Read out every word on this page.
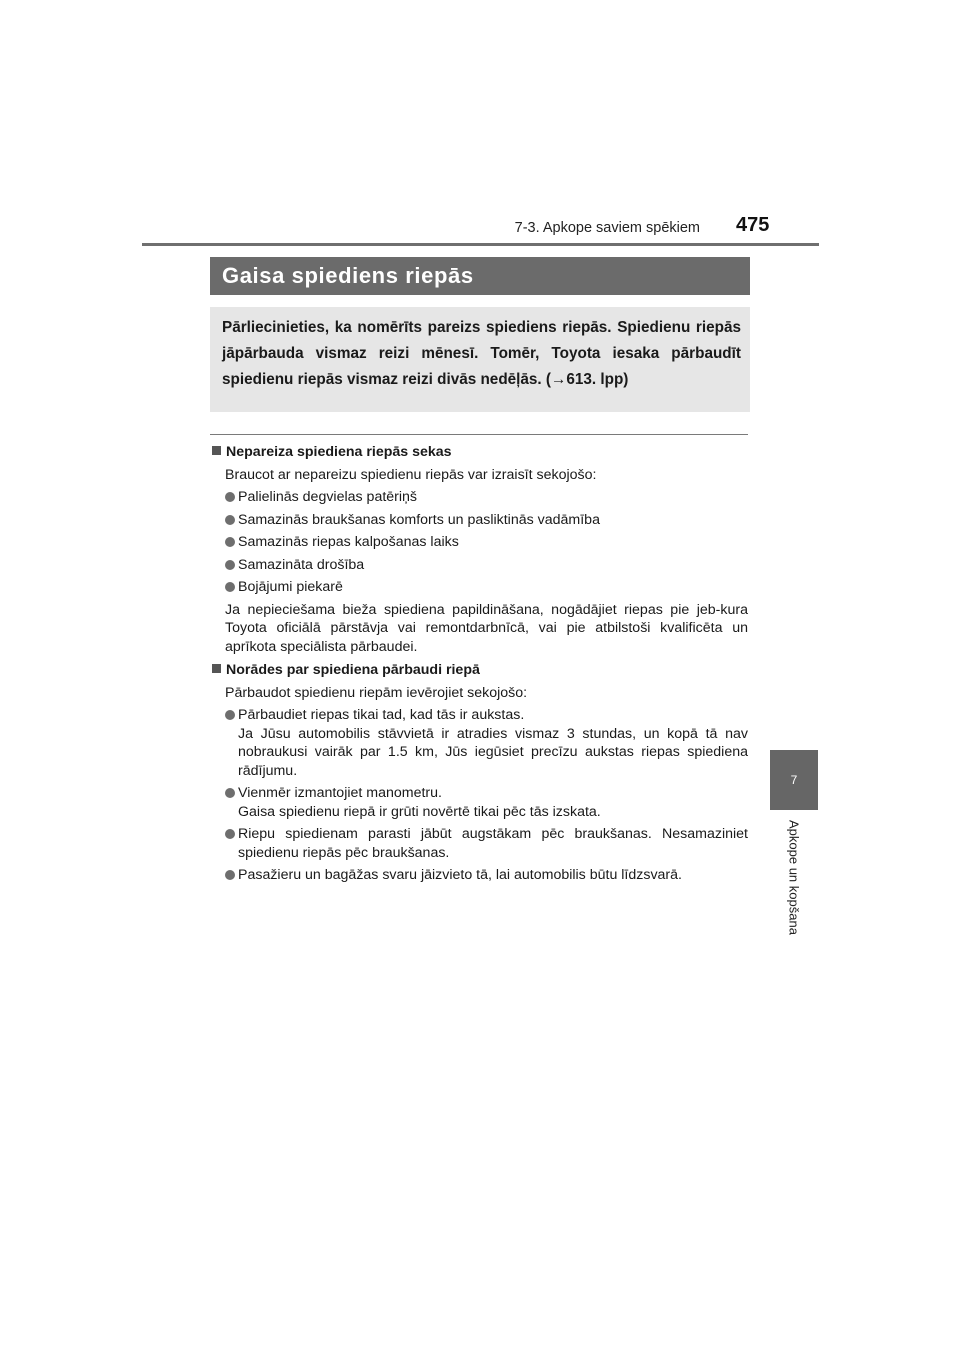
7-3. Apkope saviem spēkiem 475
Gaisa spiediens riepās
Pārliecinieties, ka nomērīts pareizs spiediens riepās. Spiedienu riepās jāpārbauda vismaz reizi mēnesī. Tomēr, Toyota iesaka pārbaudīt spiedienu riepās vismaz reizi divās nedēļās. (→613. lpp)
Nepareiza spiediena riepās sekas
Braucot ar nepareizu spiedienu riepās var izraisīt sekojošo:
Palielinās degvielas patēriņš
Samazinās braukšanas komforts un pasliktinās vadāmība
Samazinās riepas kalpošanas laiks
Samazināta drošība
Bojājumi piekarē
Ja nepieciešama bieža spiediena papildināšana, nogādājiet riepas pie jeb-kura Toyota oficiālā pārstāvja vai remontdarbnīcā, vai pie atbilstoši kvalificēta un aprīkota speciālista pārbaudei.
Norādes par spiediena pārbaudi riepā
Pārbaudot spiedienu riepām ievērojiet sekojošo:
Pārbaudiet riepas tikai tad, kad tās ir aukstas.
Ja Jūsu automobilis stāvvietā ir atradies vismaz 3 stundas, un kopā tā nav nobraukusi vairāk par 1.5 km, Jūs iegūsiet precīzu aukstas riepas spiediena rādījumu.
Vienmēr izmantojiet manometru.
Gaisa spiedienu riepā ir grūti novērtē tikai pēc tās izskata.
Riepu spiedienam parasti jābūt augstākam pēc braukšanas. Nesamaziniet spiedienu riepās pēc braukšanas.
Pasažieru un bagāžas svaru jāizvieto tā, lai automobilis būtu līdzsvarā.
7
Apkope un kopšana
